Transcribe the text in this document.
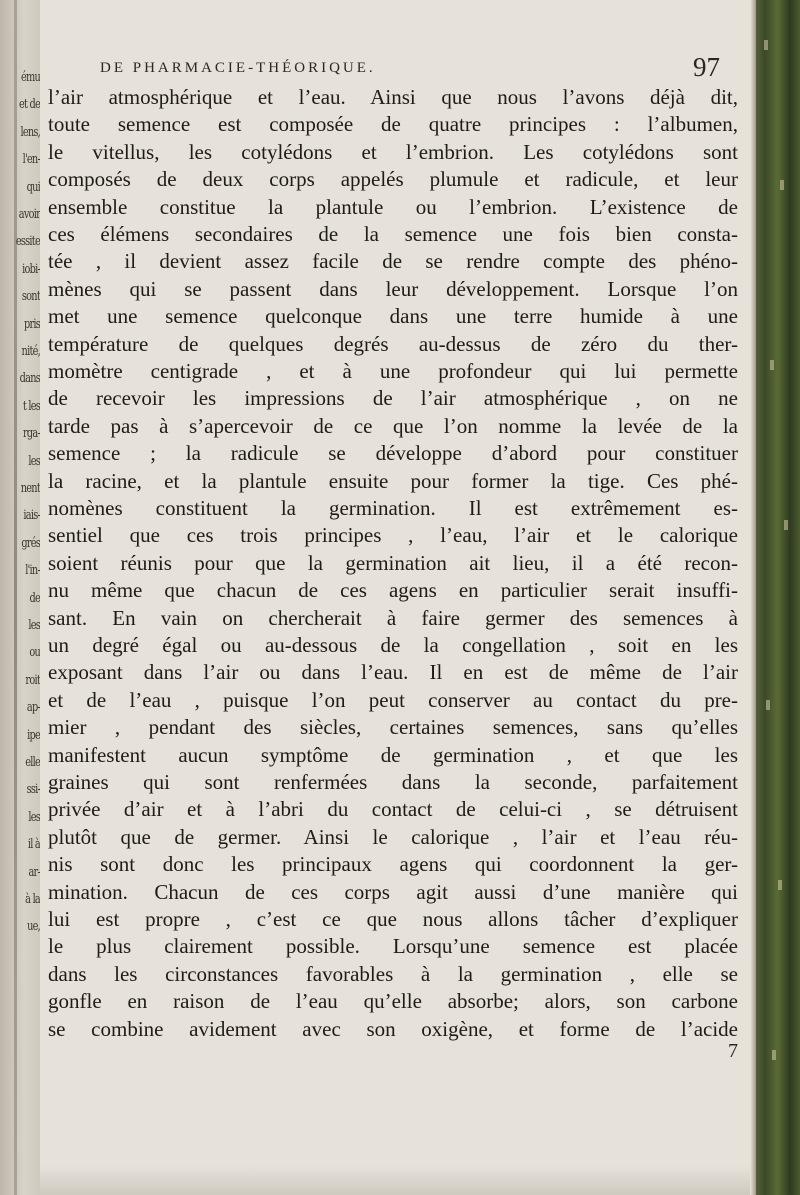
ému
et de
lens,
l'en-
qui
avoir
essite
iobi-
sont
pris
nité,
dans
t les
rga-
les
nent
iais-
grés
l'in-
de
les
ou
roit
ap-
ipe
elle
ssi-
les
il à
ar-
à la
ue,
DE PHARMACIE-THÉORIQUE.	97
l’air atmosphérique et l’eau. Ainsi que nous l’avons déjà dit,
toute semence est composée de quatre principes : l’albumen,
le vitellus, les cotylédons et l’embrion. Les cotylédons sont
composés de deux corps appelés plumule et radicule, et leur
ensemble constitue la plantule ou l’embrion. L’existence de
ces élémens secondaires de la semence une fois bien consta-
tée , il devient assez facile de se rendre compte des phéno-
mènes qui se passent dans leur développement. Lorsque l’on
met une semence quelconque dans une terre humide à une
température de quelques degrés au-dessus de zéro du ther-
momètre centigrade , et à une profondeur qui lui permette
de recevoir les impressions de l’air atmosphérique , on ne
tarde pas à s’apercevoir de ce que l’on nomme la levée de la
semence ; la radicule se développe d’abord pour constituer
la racine, et la plantule ensuite pour former la tige. Ces phé-
nomènes constituent la germination. Il est extrêmement es-
sentiel que ces trois principes , l’eau, l’air et le calorique
soient réunis pour que la germination ait lieu, il a été recon-
nu même que chacun de ces agens en particulier serait insuffi-
sant. En vain on chercherait à faire germer des semences à
un degré égal ou au-dessous de la congellation , soit en les
exposant dans l’air ou dans l’eau. Il en est de même de l’air
et de l’eau , puisque l’on peut conserver au contact du pre-
mier , pendant des siècles, certaines semences, sans qu’elles
manifestent aucun symptôme de germination , et que les
graines qui sont renfermées dans la seconde, parfaitement
privée d’air et à l’abri du contact de celui-ci , se détruisent
plutôt que de germer. Ainsi le calorique , l’air et l’eau réu-
nis sont donc les principaux agens qui coordonnent la ger-
mination. Chacun de ces corps agit aussi d’une manière qui
lui est propre , c’est ce que nous allons tâcher d’expliquer
le plus clairement possible. Lorsqu’une semence est placée
dans les circonstances favorables à la germination , elle se
gonfle en raison de l’eau qu’elle absorbe; alors, son carbone
se combine avidement avec son oxigène, et forme de l’acide
7
